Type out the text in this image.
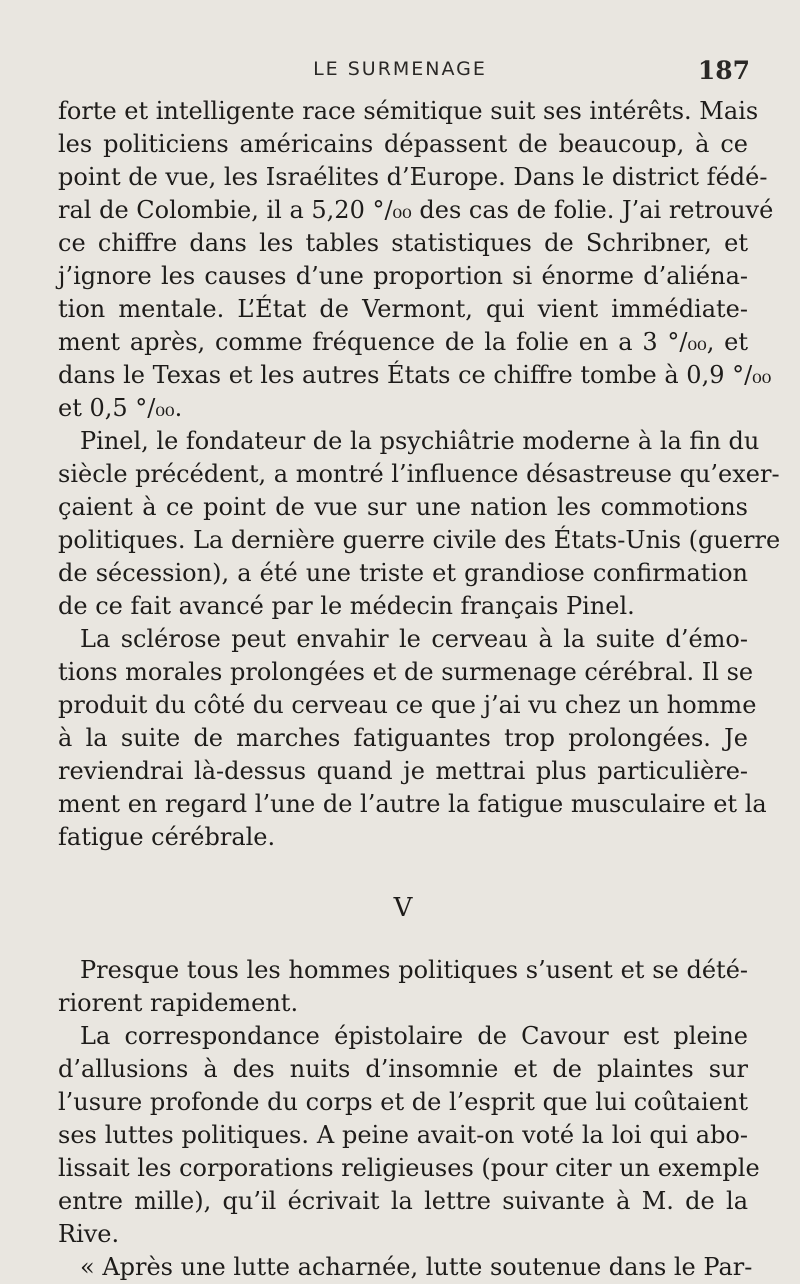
LE SURMENAGE	187
forte et intelligente race sémitique suit ses intérêts. Mais
les politiciens américains dépassent de beaucoup, à ce
point de vue, les Israélites d’Europe. Dans le district fédé-
ral de Colombie, il a 5,20 °/₀₀ des cas de folie. J’ai retrouvé
ce chiffre dans les tables statistiques de Schribner, et
j’ignore les causes d’une proportion si énorme d’aliéna-
tion mentale. L’État de Vermont, qui vient immédiate-
ment après, comme fréquence de la folie en a 3 °/₀₀, et
dans le Texas et les autres États ce chiffre tombe à 0,9 °/₀₀
et 0,5 °/₀₀.
Pinel, le fondateur de la psychiâtrie moderne à la fin du
siècle précédent, a montré l’influence désastreuse qu’exer-
çaient à ce point de vue sur une nation les commotions
politiques. La dernière guerre civile des États-Unis (guerre
de sécession), a été une triste et grandiose confirmation
de ce fait avancé par le médecin français Pinel.
La sclérose peut envahir le cerveau à la suite d’émo-
tions morales prolongées et de surmenage cérébral. Il se
produit du côté du cerveau ce que j’ai vu chez un homme
à la suite de marches fatiguantes trop prolongées. Je
reviendrai là-dessus quand je mettrai plus particulière-
ment en regard l’une de l’autre la fatigue musculaire et la
fatigue cérébrale.
V
Presque tous les hommes politiques s’usent et se dété-
riorent rapidement.
La correspondance épistolaire de Cavour est pleine
d’allusions à des nuits d’insomnie et de plaintes sur
l’usure profonde du corps et de l’esprit que lui coûtaient
ses luttes politiques. A peine avait-on voté la loi qui abo-
lissait les corporations religieuses (pour citer un exemple
entre mille), qu’il écrivait la lettre suivante à M. de la
Rive.
« Après une lutte acharnée, lutte soutenue dans le Par-
